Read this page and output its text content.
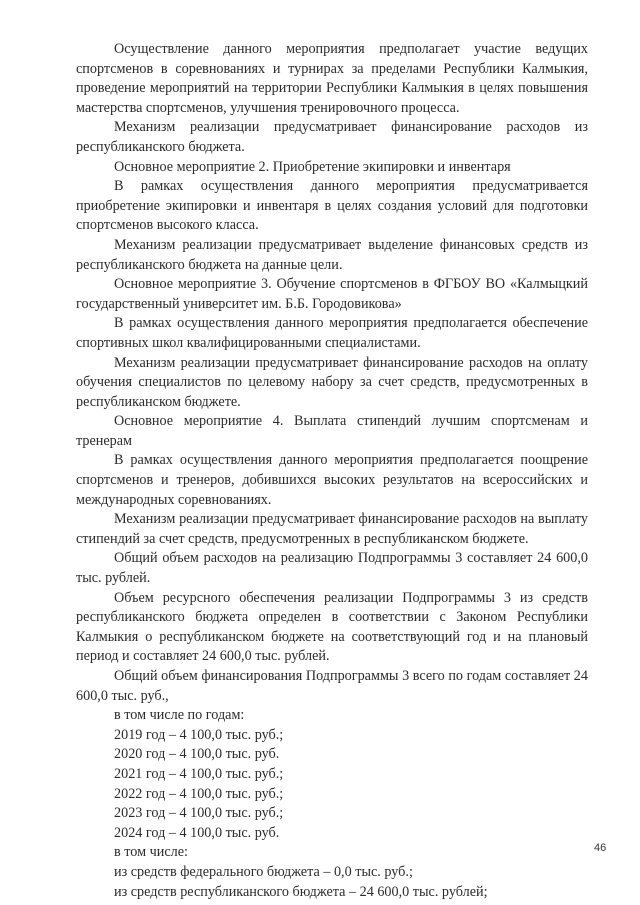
Осуществление данного мероприятия предполагает участие ведущих спортсменов в соревнованиях и турнирах за пределами Республики Калмыкия, проведение мероприятий на территории Республики Калмыкия в целях повышения мастерства спортсменов, улучшения тренировочного процесса.

Механизм реализации предусматривает финансирование расходов из республиканского бюджета.

Основное мероприятие 2. Приобретение экипировки и инвентаря

В рамках осуществления данного мероприятия предусматривается приобретение экипировки и инвентаря в целях создания условий для подготовки спортсменов высокого класса.

Механизм реализации предусматривает выделение финансовых средств из республиканского бюджета на данные цели.

Основное мероприятие 3. Обучение спортсменов в ФГБОУ ВО «Калмыцкий государственный университет им. Б.Б. Городовикова»

В рамках осуществления данного мероприятия предполагается обеспечение спортивных школ квалифицированными специалистами.

Механизм реализации предусматривает финансирование расходов на оплату обучения специалистов по целевому набору за счет средств, предусмотренных в республиканском бюджете.

Основное мероприятие 4. Выплата стипендий лучшим спортсменам и тренерам

В рамках осуществления данного мероприятия предполагается поощрение спортсменов и тренеров, добившихся высоких результатов на всероссийских и международных соревнованиях.

Механизм реализации предусматривает финансирование расходов на выплату стипендий за счет средств, предусмотренных в республиканском бюджете.

Общий объем расходов на реализацию Подпрограммы 3 составляет 24 600,0 тыс. рублей.

Объем ресурсного обеспечения реализации Подпрограммы 3 из средств республиканского бюджета определен в соответствии с Законом Республики Калмыкия о республиканском бюджете на соответствующий год и на плановый период и составляет 24 600,0 тыс. рублей.

Общий объем финансирования Подпрограммы 3 всего по годам составляет 24 600,0 тыс. руб.,

в том числе по годам:

2019 год – 4 100,0 тыс. руб.;

2020 год – 4 100,0 тыс. руб.

2021 год – 4 100,0 тыс. руб.;

2022 год – 4 100,0 тыс. руб.;

2023 год – 4 100,0 тыс. руб.;

2024 год – 4 100,0 тыс. руб.

в том числе:

из средств федерального бюджета – 0,0 тыс. руб.;

из средств республиканского бюджета – 24 600,0 тыс. рублей;

46
